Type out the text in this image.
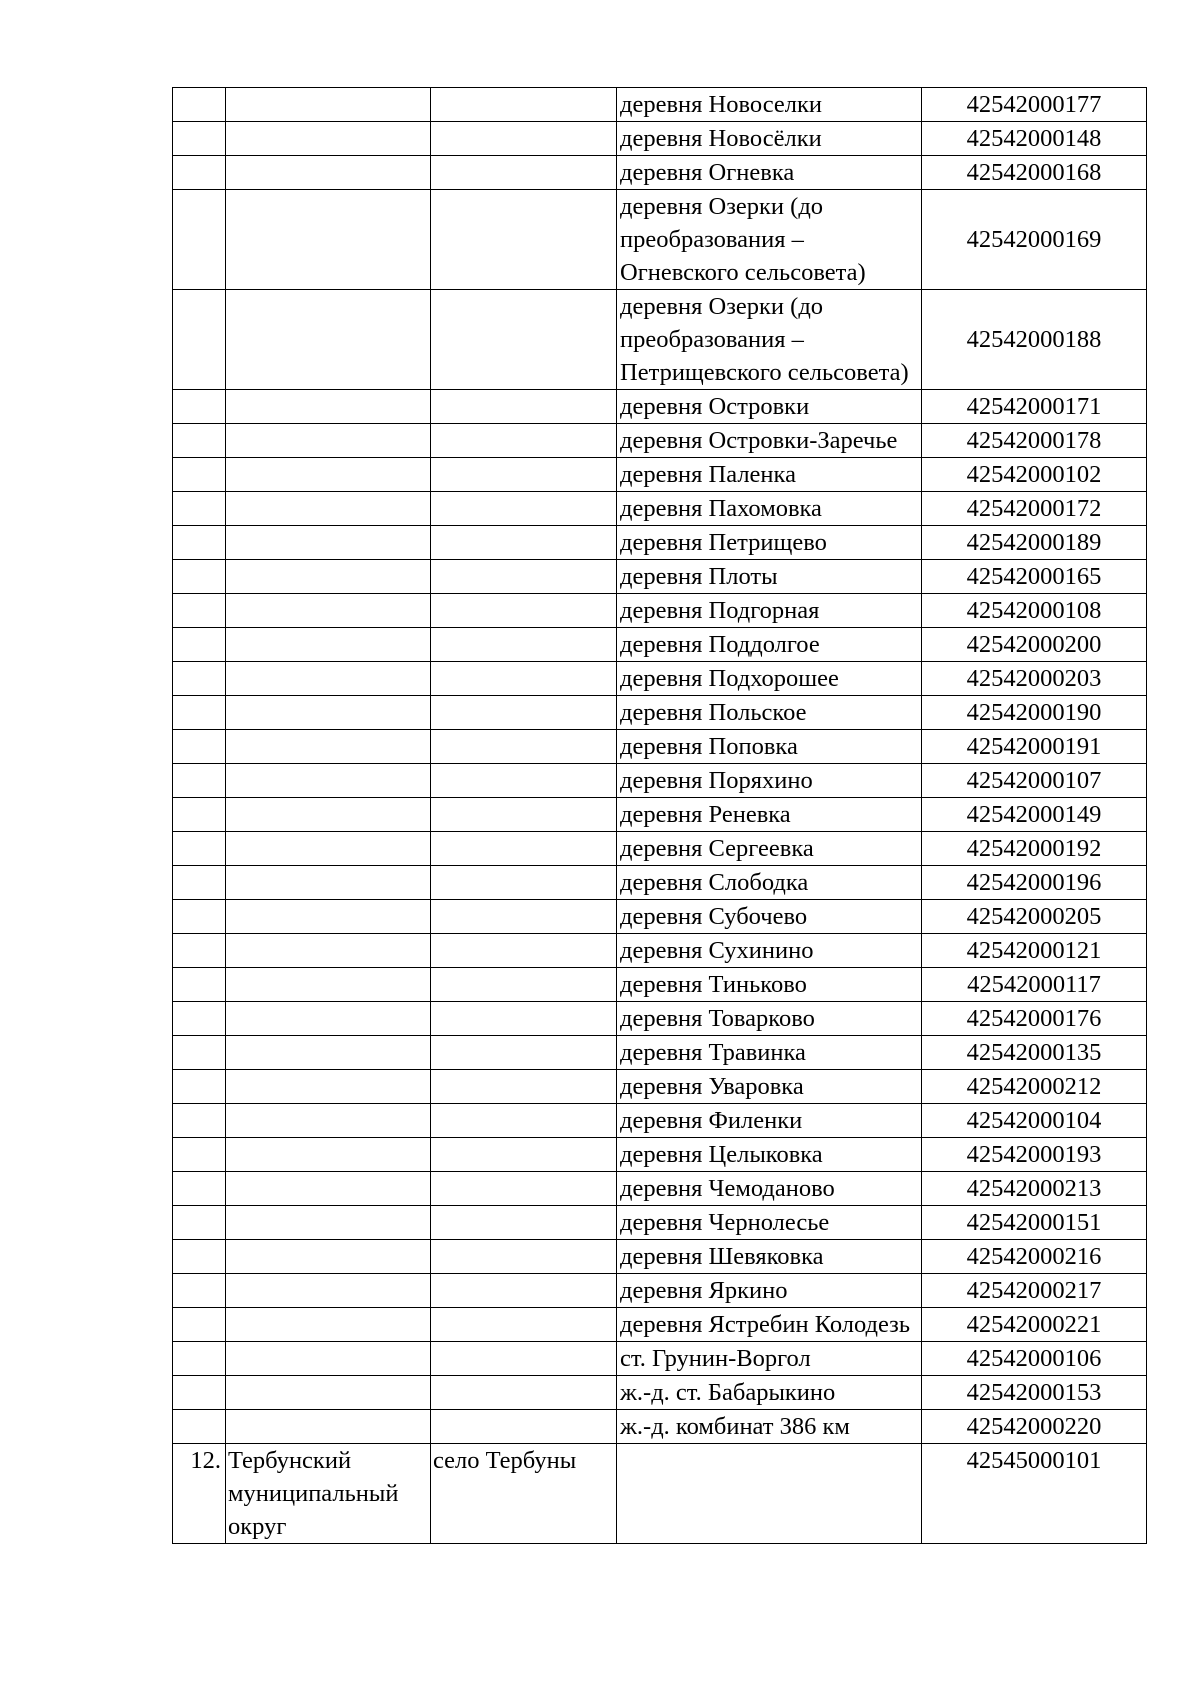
			деревня Новоселки	42542000177
			деревня Новосёлки	42542000148
			деревня Огневка	42542000168
			деревня Озерки (до преобразования – Огневского сельсовета)	42542000169
			деревня Озерки (до преобразования – Петрищевского сельсовета)	42542000188
			деревня Островки	42542000171
			деревня Островки-Заречье	42542000178
			деревня Паленка	42542000102
			деревня Пахомовка	42542000172
			деревня Петрищево	42542000189
			деревня Плоты	42542000165
			деревня Подгорная	42542000108
			деревня Поддолгое	42542000200
			деревня Подхорошее	42542000203
			деревня Польское	42542000190
			деревня Поповка	42542000191
			деревня Поряхино	42542000107
			деревня Реневка	42542000149
			деревня Сергеевка	42542000192
			деревня Слободка	42542000196
			деревня Субочево	42542000205
			деревня Сухинино	42542000121
			деревня Тиньково	42542000117
			деревня Товарково	42542000176
			деревня Травинка	42542000135
			деревня Уваровка	42542000212
			деревня Филенки	42542000104
			деревня Целыковка	42542000193
			деревня Чемоданово	42542000213
			деревня Чернолесье	42542000151
			деревня Шевяковка	42542000216
			деревня Яркино	42542000217
			деревня Ястребин Колодезь	42542000221
			ст. Грунин-Воргол	42542000106
			ж.-д. ст. Бабарыкино	42542000153
			ж.-д. комбинат 386 км	42542000220
12.	Тербунский муниципальный округ	село Тербуны		42545000101
